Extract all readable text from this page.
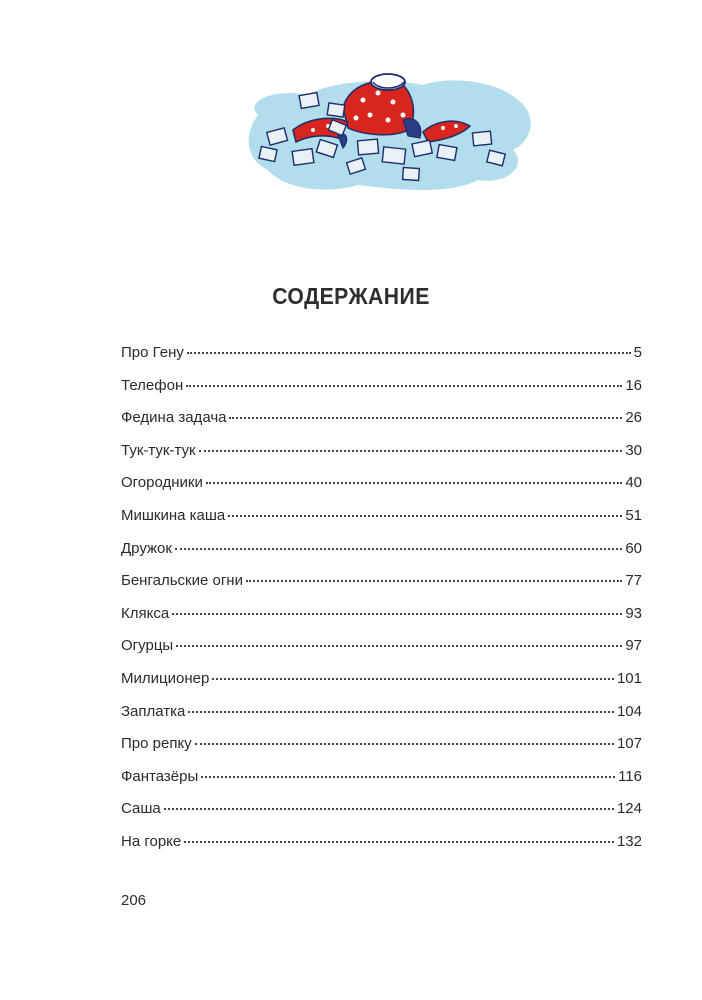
СОДЕРЖАНИЕ
Про Гену	5
Телефон	16
Федина задача	26
Тук-тук-тук	30
Огородники	40
Мишкина каша	51
Дружок	60
Бенгальские огни	77
Клякса	93
Огурцы	97
Милиционер	101
Заплатка	104
Про репку	107
Фантазёры	116
Саша	124
На горке	132
206
